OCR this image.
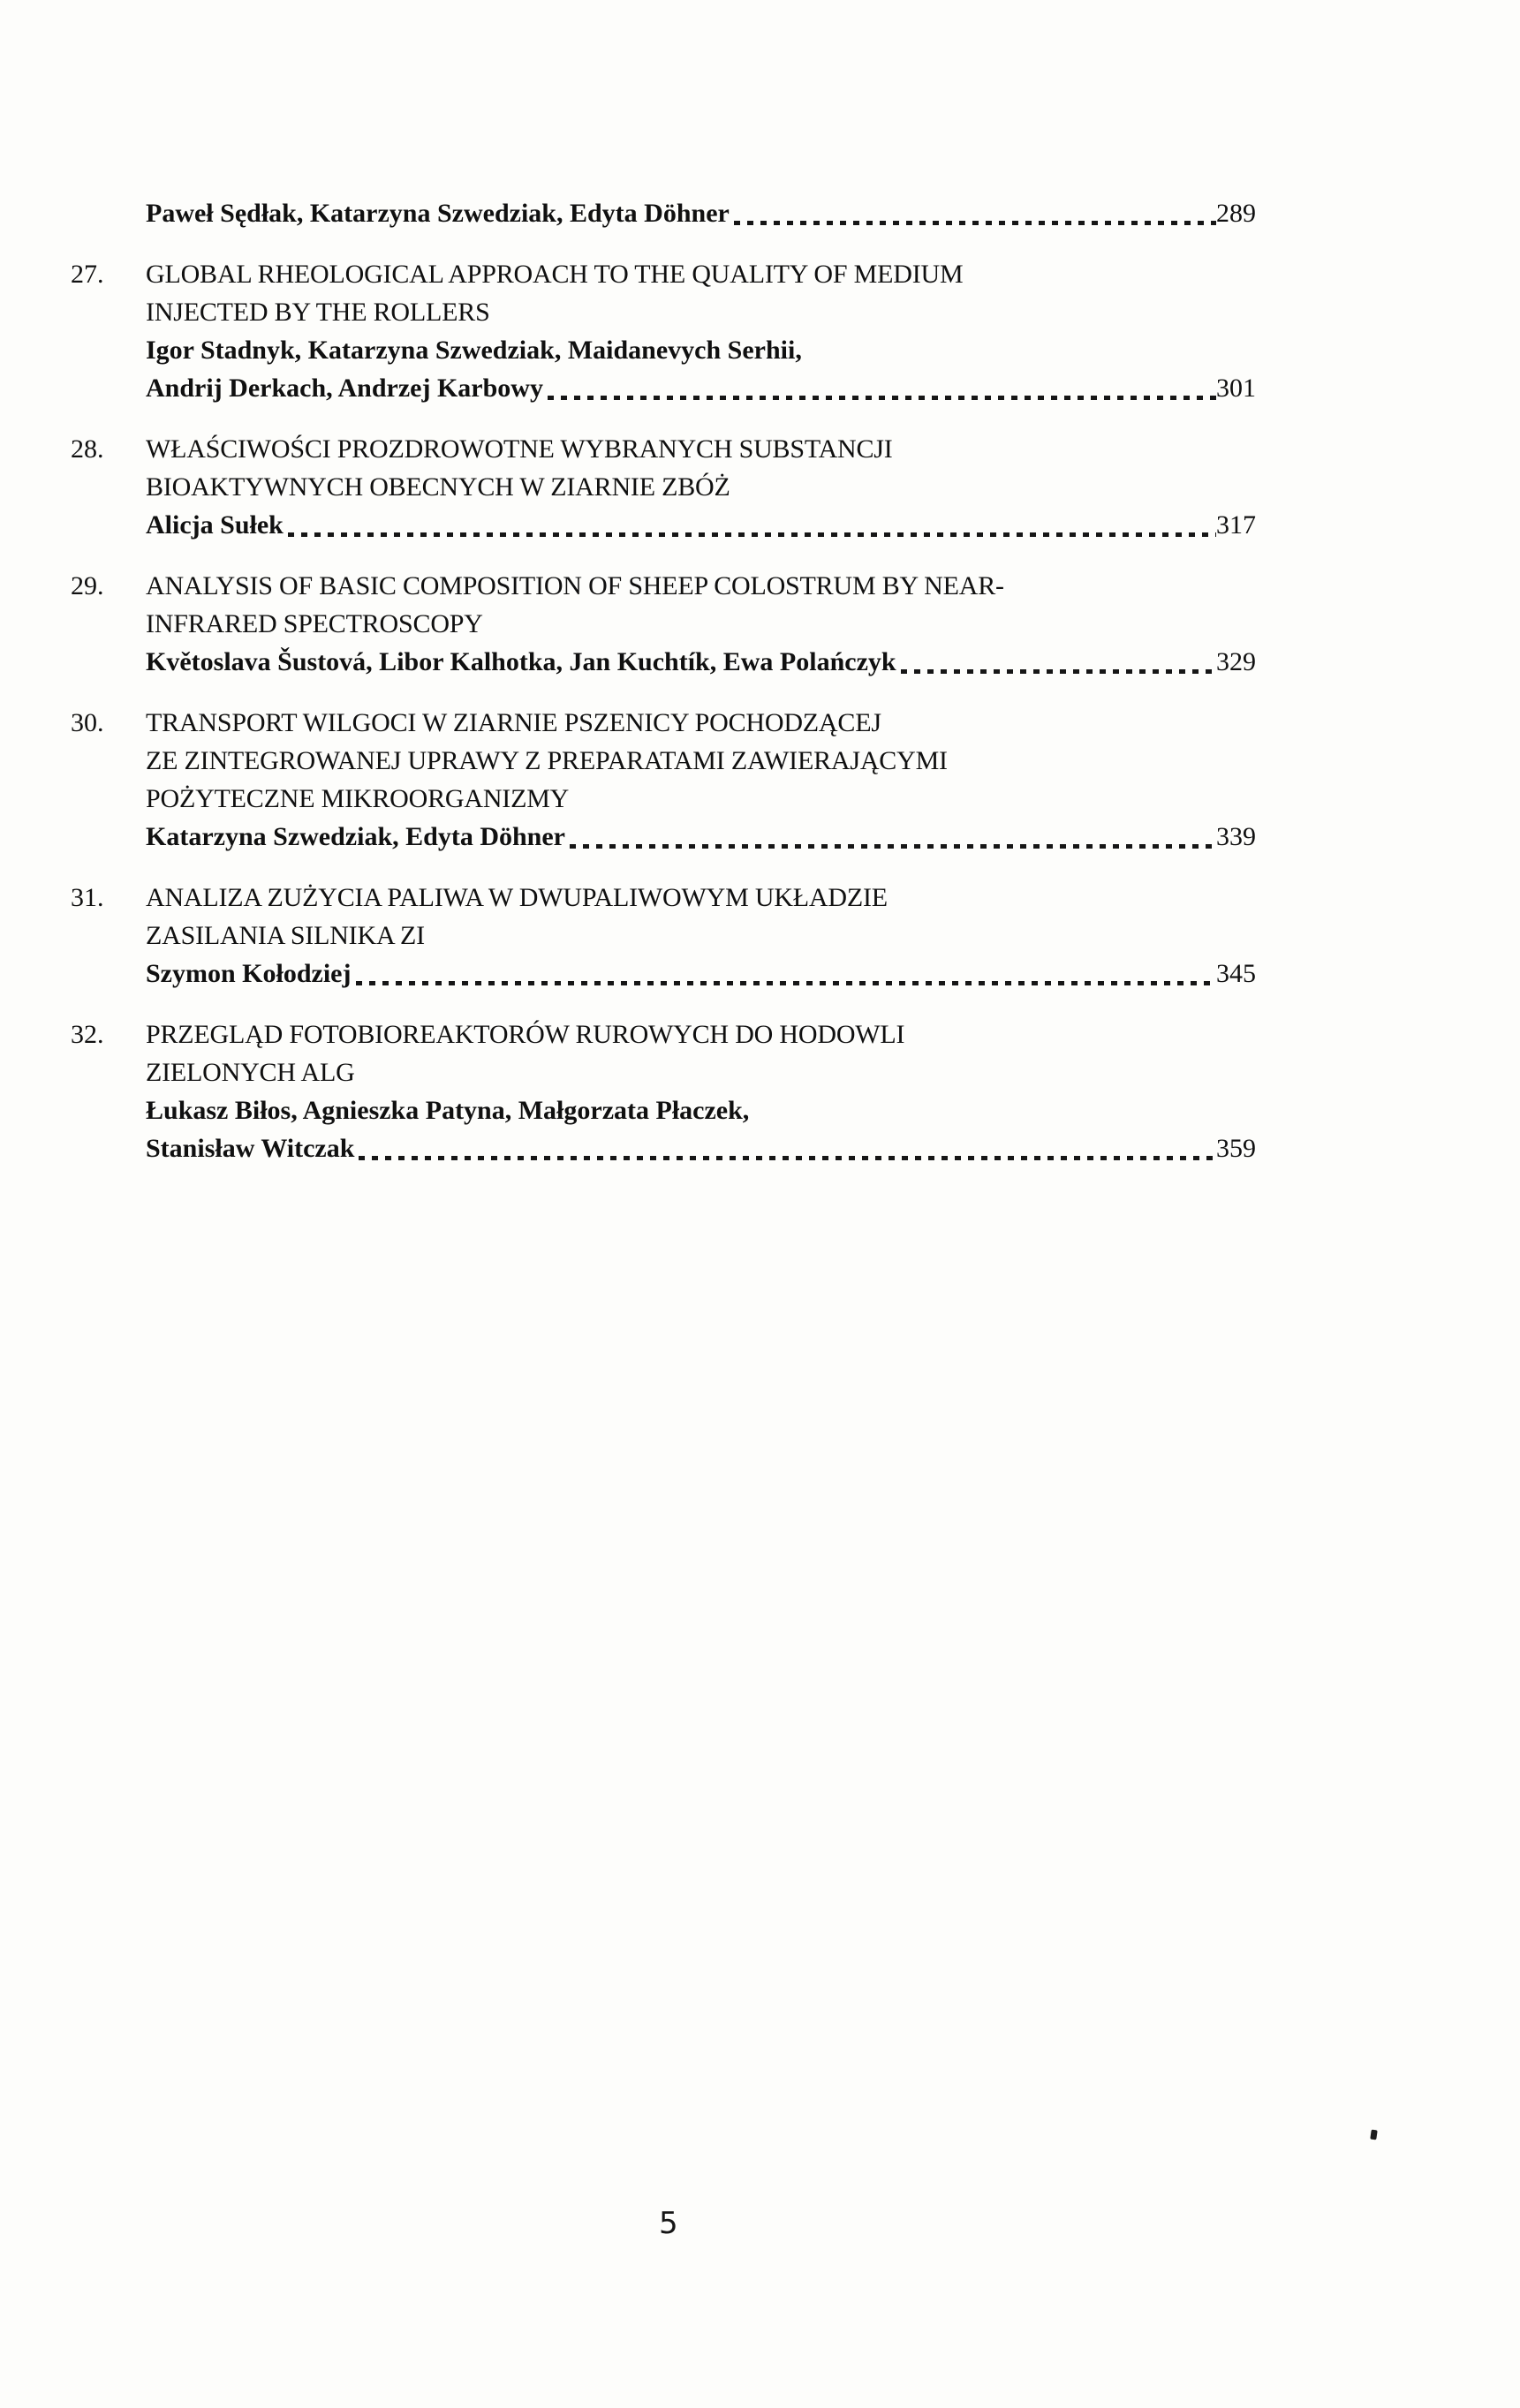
Paweł Sędłak, Katarzyna Szwedziak, Edyta Döhner	289
27.	GLOBAL RHEOLOGICAL APPROACH TO THE QUALITY OF MEDIUM
INJECTED BY THE ROLLERS
Igor Stadnyk, Katarzyna Szwedziak, Maidanevych Serhii,
Andrij Derkach, Andrzej Karbowy	301
28.	WŁAŚCIWOŚCI PROZDROWOTNE WYBRANYCH SUBSTANCJI
BIOAKTYWNYCH OBECNYCH W ZIARNIE ZBÓŻ
Alicja Sułek	317
29.	ANALYSIS OF BASIC COMPOSITION OF SHEEP COLOSTRUM BY NEAR-
INFRARED SPECTROSCOPY
Květoslava Šustová, Libor Kalhotka, Jan Kuchtík, Ewa Polańczyk	329
30.	TRANSPORT WILGOCI W ZIARNIE PSZENICY POCHODZĄCEJ
ZE ZINTEGROWANEJ UPRAWY Z PREPARATAMI ZAWIERAJĄCYMI
POŻYTECZNE MIKROORGANIZMY
Katarzyna Szwedziak, Edyta Döhner	339
31.	ANALIZA ZUŻYCIA PALIWA W DWUPALIWOWYM UKŁADZIE
ZASILANIA SILNIKA ZI
Szymon Kołodziej	345
32.	PRZEGLĄD FOTOBIOREAKTORÓW RUROWYCH DO HODOWLI
ZIELONYCH ALG
Łukasz Biłos, Agnieszka Patyna, Małgorzata Płaczek,
Stanisław Witczak	359
5
